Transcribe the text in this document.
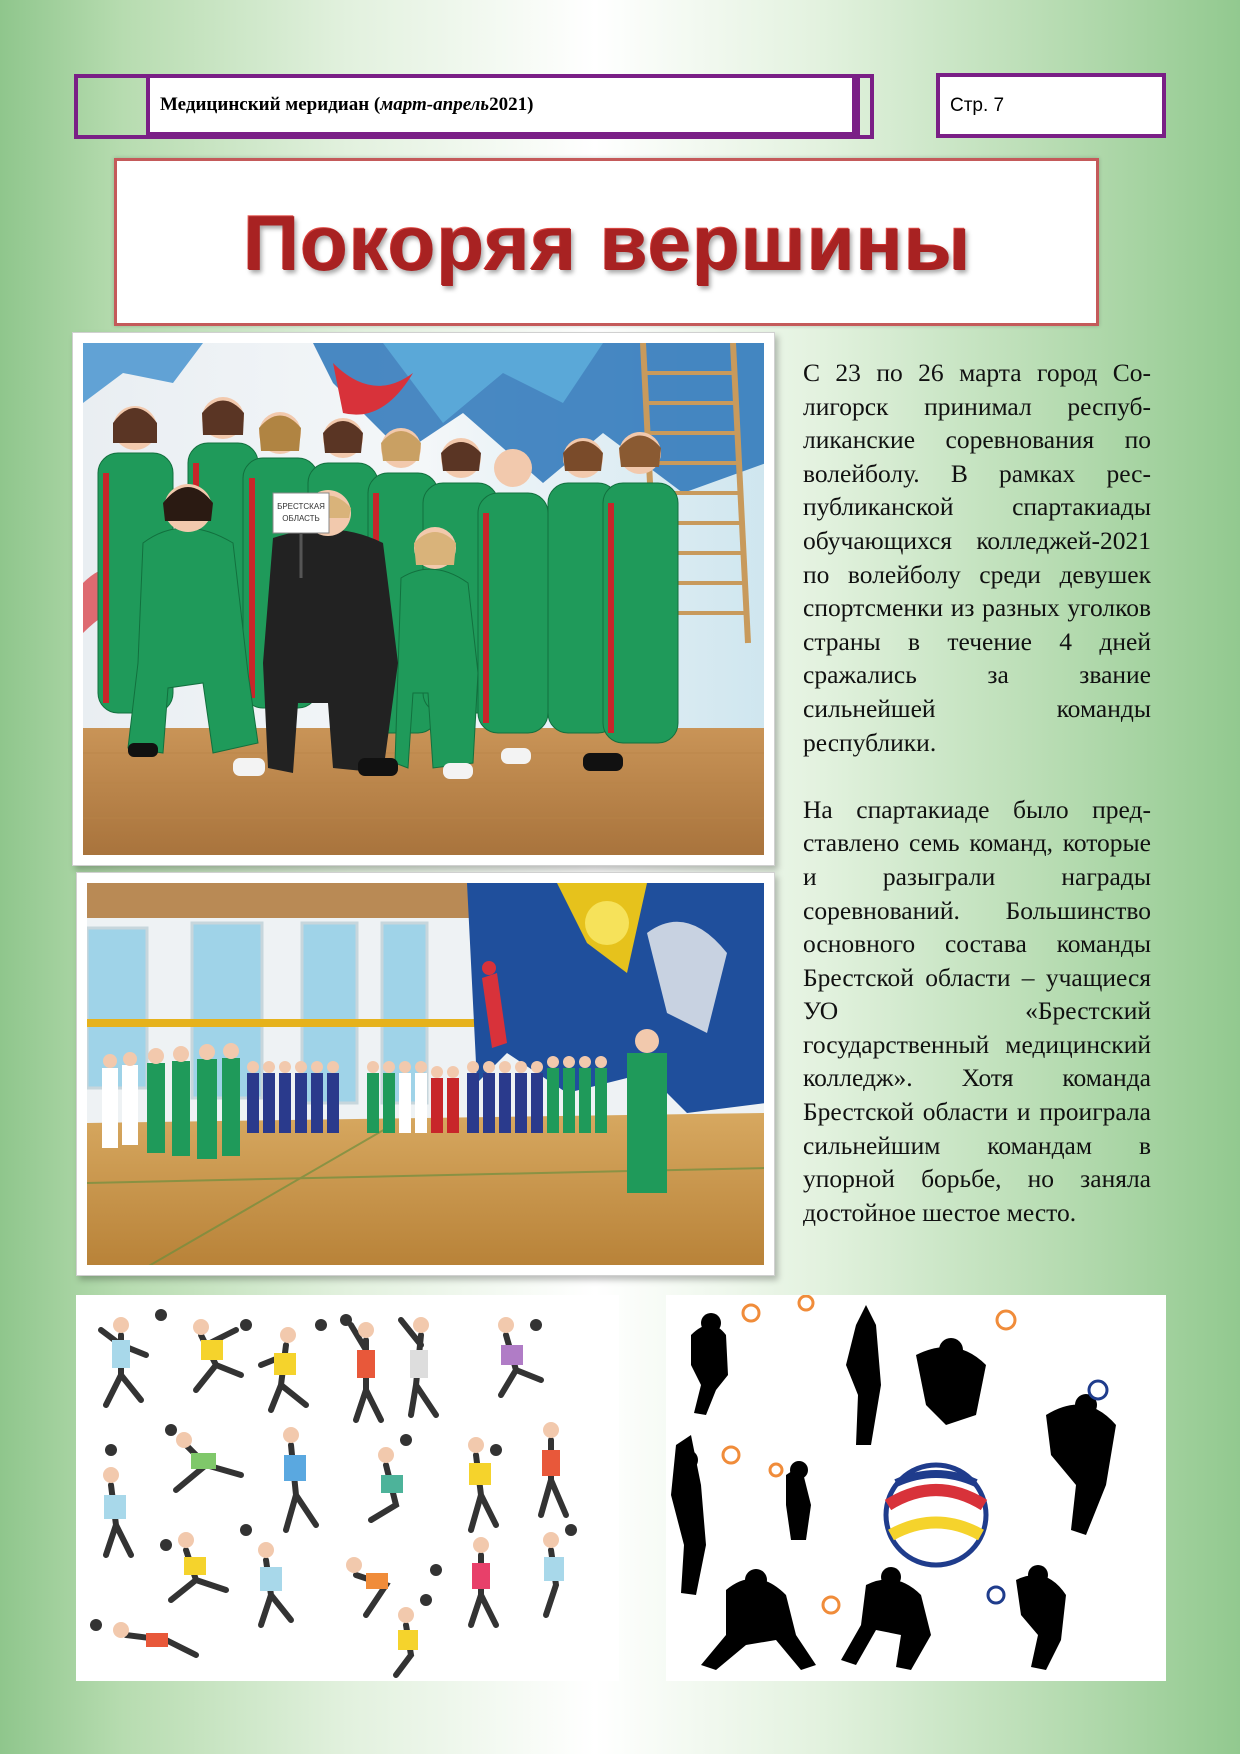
Медицинский меридиан ( март-апрель 2021)	Стр. 7
Покоряя вершины
БРЕСТСКАЯ
ОБЛАСТЬ

С 23 по 26 марта город Солигорск принимал республиканские соревнования по волейболу. В рамках республиканской спартакиады обучающихся колледжей-2021 по волейболу среди девушек спортсменки из разных уголков страны в течение 4 дней сражались за звание сильнейшей команды республики.

На спартакиаде было представлено семь команд, которые и разыграли награды соревнований. Большинство основного состава команды Брестской области – учащиеся УО «Брестский государственный медицинский колледж». Хотя команда Брестской области и проиграла сильнейшим командам в упорной борьбе, но заняла достойное шестое место.
